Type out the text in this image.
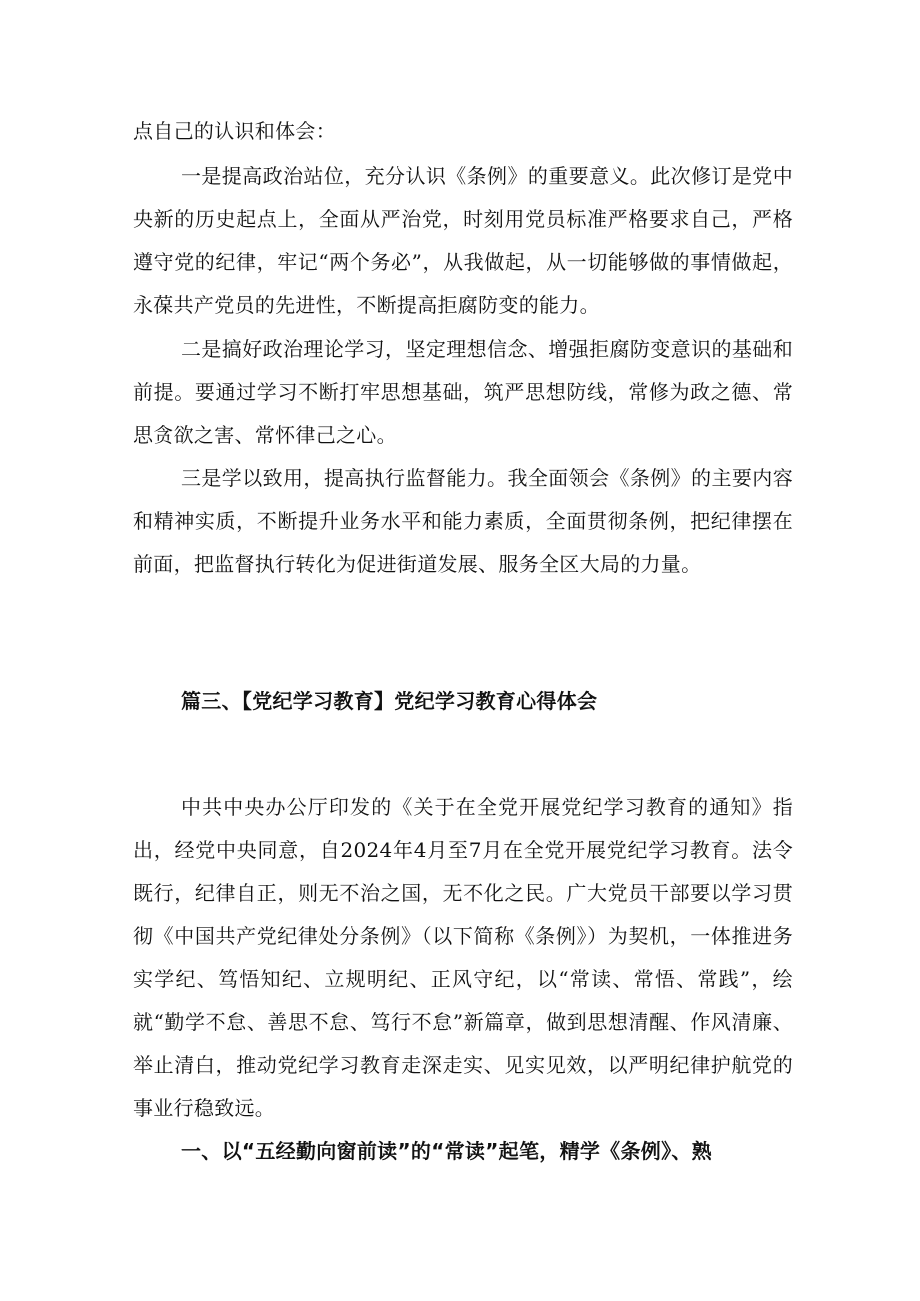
点自己的认识和体会：

一是提高政治站位，充分认识《条例》的重要意义。此次修订是党中央新的历史起点上，全面从严治党，时刻用党员标准严格要求自己，严格遵守党的纪律，牢记“两个务必”，从我做起，从一切能够做的事情做起，永葆共产党员的先进性，不断提高拒腐防变的能力。

二是搞好政治理论学习，坚定理想信念、增强拒腐防变意识的基础和前提。要通过学习不断打牢思想基础，筑严思想防线，常修为政之德、常思贪欲之害、常怀律己之心。

三是学以致用，提高执行监督能力。我全面领会《条例》的主要内容和精神实质，不断提升业务水平和能力素质，全面贯彻条例，把纪律摆在前面，把监督执行转化为促进街道发展、服务全区大局的力量。

篇三、【党纪学习教育】党纪学习教育心得体会

中共中央办公厅印发的《关于在全党开展党纪学习教育的通知》指出，经党中央同意，自2024年4月至7月在全党开展党纪学习教育。法令既行，纪律自正，则无不治之国，无不化之民。广大党员干部要以学习贯彻《中国共产党纪律处分条例》（以下简称《条例》）为契机，一体推进务实学纪、笃悟知纪、立规明纪、正风守纪，以“常读、常悟、常践”，绘就“勤学不怠、善思不怠、笃行不怠”新篇章，做到思想清醒、作风清廉、举止清白，推动党纪学习教育走深走实、见实见效，以严明纪律护航党的事业行稳致远。

一、以“五经勤向窗前读”的“常读”起笔，精学《条例》、熟
